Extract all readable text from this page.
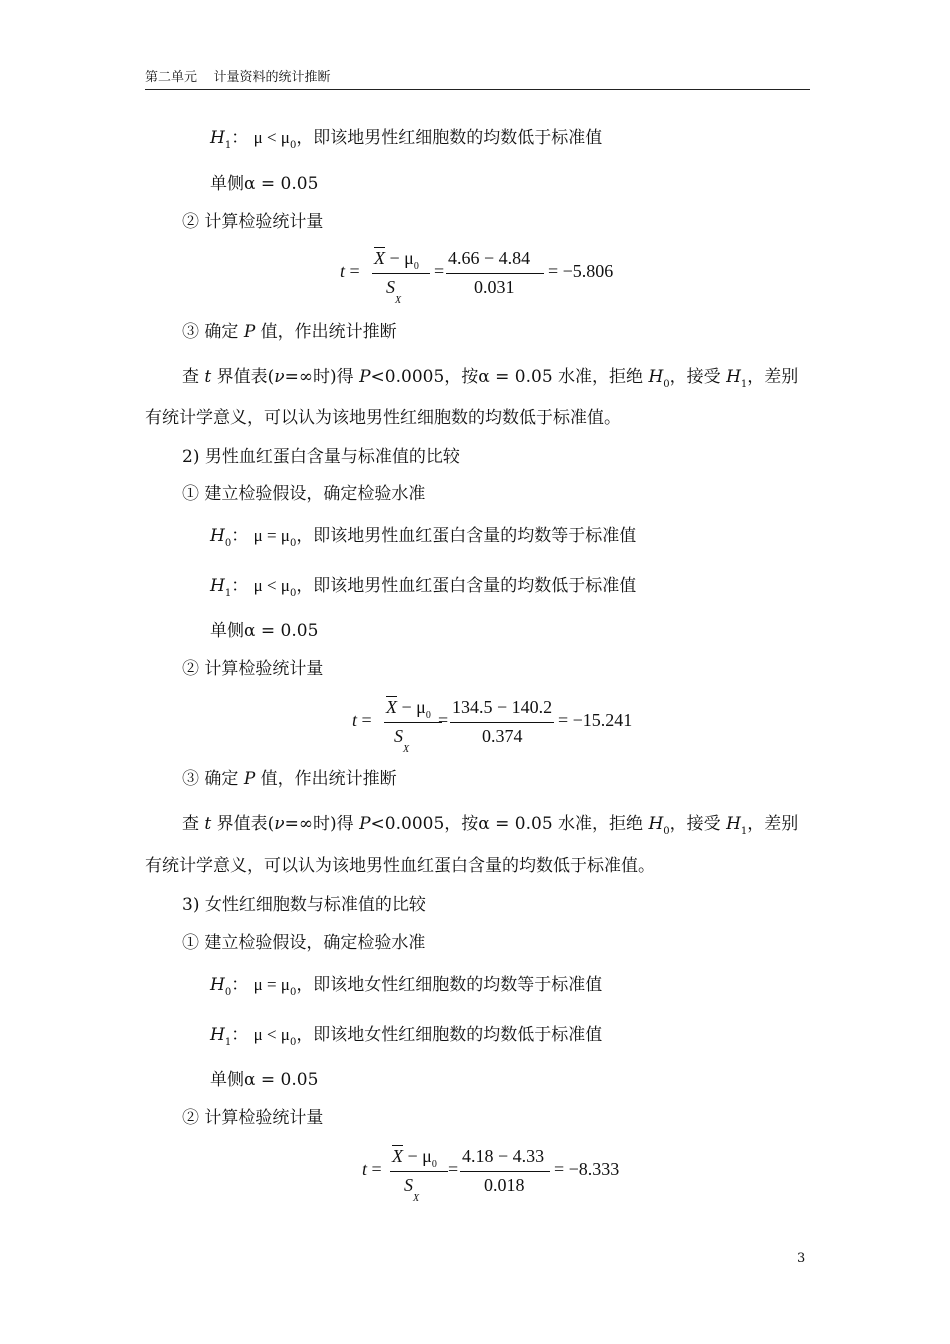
第二单元    计量资料的统计推断
$H_1$： $\mu < \mu_0$，即该地男性红细胞数的均数低于标准值
单侧α = 0.05
② 计算检验统计量
t =
$\overline{X} - \mu_0$
$S_X$
=
4.66 − 4.84
0.031
= −5.806
③ 确定 P 值，作出统计推断
查 t 界值表(ν=∞时)得 P<0.0005，按α = 0.05 水准，拒绝 $H_0$，接受 $H_1$，差别
有统计学意义，可以认为该地男性红细胞数的均数低于标准值。
2) 男性血红蛋白含量与标准值的比较
① 建立检验假设，确定检验水准
$H_0$： $\mu = \mu_0$，即该地男性血红蛋白含量的均数等于标准值
$H_1$： $\mu < \mu_0$，即该地男性血红蛋白含量的均数低于标准值
单侧α = 0.05
② 计算检验统计量
t =
$\overline{X} - \mu_0$
$S_X$
=
134.5 − 140.2
0.374
= −15.241
③ 确定 P 值，作出统计推断
查 t 界值表(ν=∞时)得 P<0.0005，按α = 0.05 水准，拒绝 $H_0$，接受 $H_1$，差别
有统计学意义，可以认为该地男性血红蛋白含量的均数低于标准值。
3) 女性红细胞数与标准值的比较
① 建立检验假设，确定检验水准
$H_0$： $\mu = \mu_0$，即该地女性红细胞数的均数等于标准值
$H_1$： $\mu < \mu_0$，即该地女性红细胞数的均数低于标准值
单侧α = 0.05
② 计算检验统计量
t =
$\overline{X} - \mu_0$
$S_X$
=
4.18 − 4.33
0.018
= −8.333
3
